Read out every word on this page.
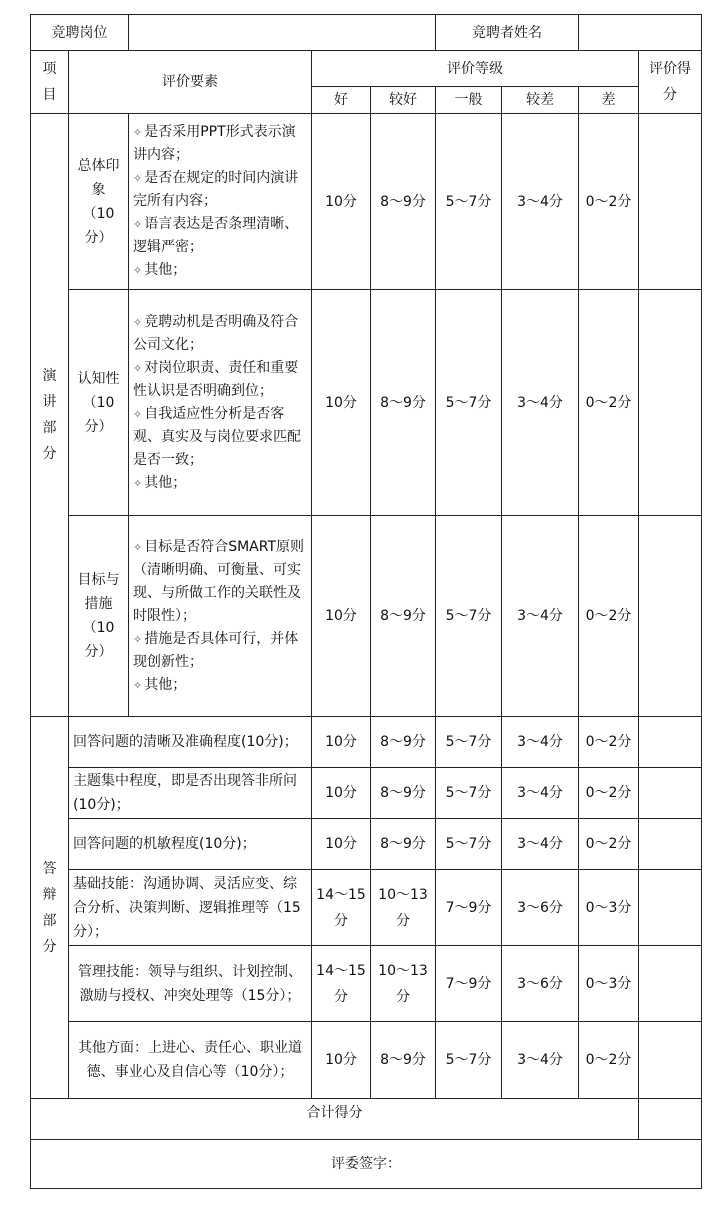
竞聘岗位					竞聘者姓名			
项目	评价要素		评价等级					评价得分
			好	较好	一般	较差	差	
演讲部分	总体印象（10分）	✧ 是否采用PPT形式表示演讲内容；
✧ 是否在规定的时间内演讲完所有内容；
✧ 语言表达是否条理清晰、逻辑严密；
✧ 其他；	10分	8～9分	5～7分	3～4分	0～2分	
	认知性（10分）	✧ 竞聘动机是否明确及符合公司文化；
✧ 对岗位职责、责任和重要性认识是否明确到位；
✧ 自我适应性分析是否客观、真实及与岗位要求匹配是否一致；
✧ 其他；	10分	8～9分	5～7分	3～4分	0～2分	
	目标与措施（10分）	✧ 目标是否符合SMART原则（清晰明确、可衡量、可实现、与所做工作的关联性及时限性）；
✧ 措施是否具体可行，并体现创新性；
✧ 其他；	10分	8～9分	5～7分	3～4分	0～2分	
答辩部分	回答问题的清晰及准确程度(10分)；		10分	8～9分	5～7分	3～4分	0～2分	
	主题集中程度，即是否出现答非所问(10分)；		10分	8～9分	5～7分	3～4分	0～2分	
	回答问题的机敏程度(10分)；		10分	8～9分	5～7分	3～4分	0～2分	
	基础技能：沟通协调、灵活应变、综合分析、决策判断、逻辑推理等（15分）；		14～15分	10～13分	7～9分	3～6分	0～3分	
	管理技能：领导与组织、计划控制、激励与授权、冲突处理等（15分）；		14～15分	10～13分	7～9分	3～6分	0～3分	
	其他方面：上进心、责任心、职业道德、事业心及自信心等（10分）；		10分	8～9分	5～7分	3～4分	0～2分	
合计得分								
评委签字：								
